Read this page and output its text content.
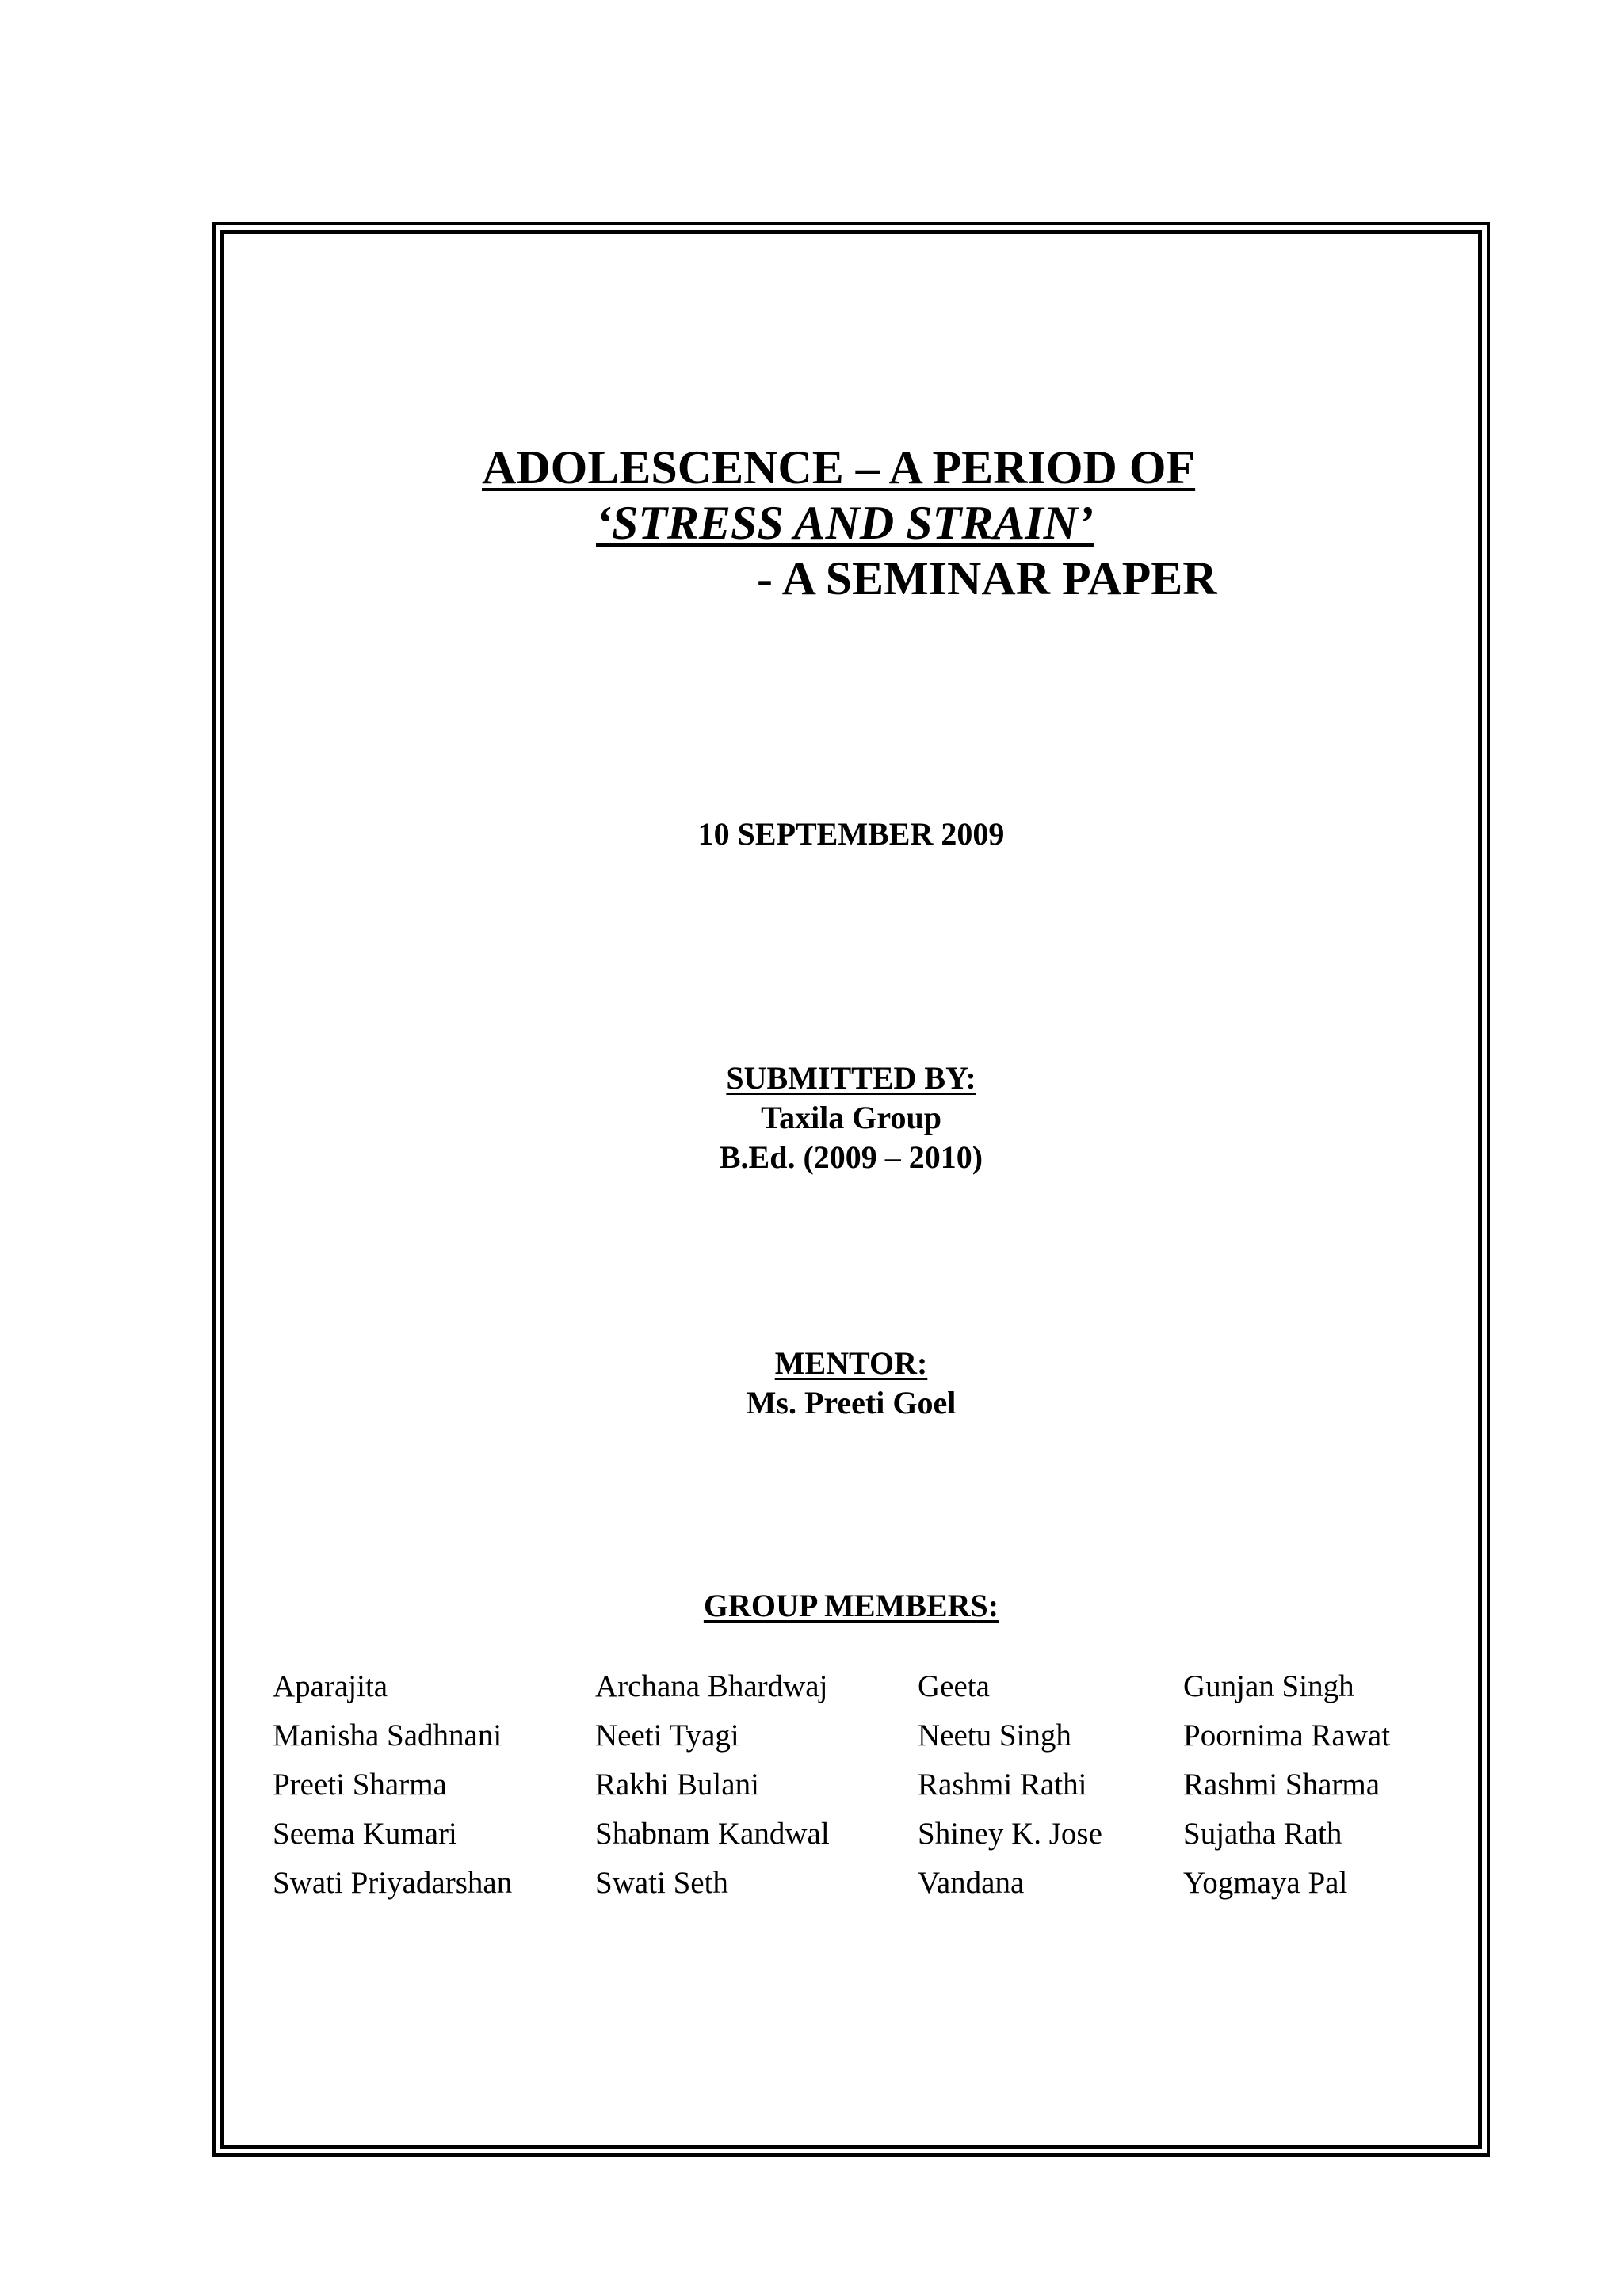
ADOLESCENCE – A PERIOD OF
‘STRESS AND STRAIN’
- A SEMINAR PAPER
10 SEPTEMBER 2009
SUBMITTED BY:
Taxila Group
B.Ed. (2009 – 2010)
MENTOR:
Ms. Preeti Goel
GROUP MEMBERS:
Aparajita	Archana Bhardwaj	Geeta	Gunjan Singh
Manisha Sadhnani	Neeti Tyagi	Neetu Singh	Poornima Rawat
Preeti Sharma	Rakhi Bulani	Rashmi Rathi	Rashmi Sharma
Seema Kumari	Shabnam Kandwal	Shiney K. Jose	Sujatha Rath
Swati Priyadarshan	Swati Seth	Vandana	Yogmaya Pal
